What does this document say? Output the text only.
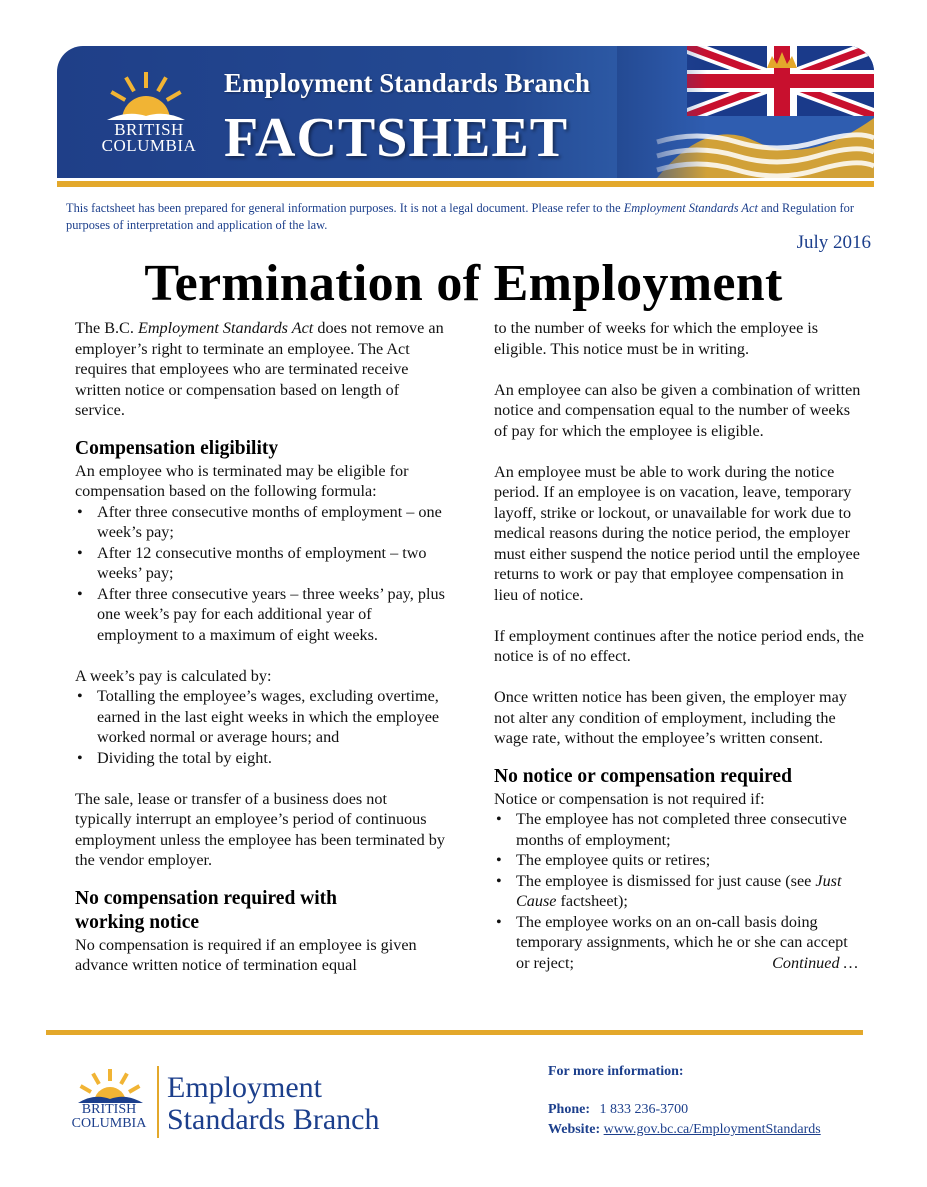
BRITISH
COLUMBIA
Employment Standards Branch
FACTSHEET
This factsheet has been prepared for general information purposes. It is not a legal document. Please refer to the Employment Standards Act and Regulation for purposes of interpretation and application of the law.
July 2016
Termination of Employment

The B.C. Employment Standards Act does not remove an employer’s right to terminate an employee. The Act requires that employees who are terminated receive written notice or compensation based on length of service.

Compensation eligibility

An employee who is terminated may be eligible for compensation based on the following formula:

• After three consecutive months of employment – one week’s pay;
• After 12 consecutive months of employment – two weeks’ pay;
• After three consecutive years – three weeks’ pay, plus one week’s pay for each additional year of employment to a maximum of eight weeks.

A week’s pay is calculated by:

• Totalling the employee’s wages, excluding overtime, earned in the last eight weeks in which the employee worked normal or average hours; and
• Dividing the total by eight.

The sale, lease or transfer of a business does not typically interrupt an employee’s period of continuous employment unless the employee has been terminated by the vendor employer.

No compensation required with
working notice

No compensation is required if an employee is given advance written notice of termination equal

to the number of weeks for which the employee is eligible. This notice must be in writing.

An employee can also be given a combination of written notice and compensation equal to the number of weeks of pay for which the employee is eligible.

An employee must be able to work during the notice period. If an employee is on vacation, leave, temporary layoff, strike or lockout, or unavailable for work due to medical reasons during the notice period, the employer must either suspend the notice period until the employee returns to work or pay that employee compensation in lieu of notice.

If employment continues after the notice period ends, the notice is of no effect.

Once written notice has been given, the employer may not alter any condition of employment, including the wage rate, without the employee’s written consent.

No notice or compensation required

Notice or compensation is not required if:

• The employee has not completed three consecutive months of employment;
• The employee quits or retires;
• The employee is dismissed for just cause (see Just Cause factsheet);
• The employee works on an on-call basis doing temporary assignments, which he or she can accept or reject;	Continued …
BRITISH
COLUMBIA
Employment
Standards Branch
For more information:
Phone: 1 833 236-3700
Website: www.gov.bc.ca/EmploymentStandards
